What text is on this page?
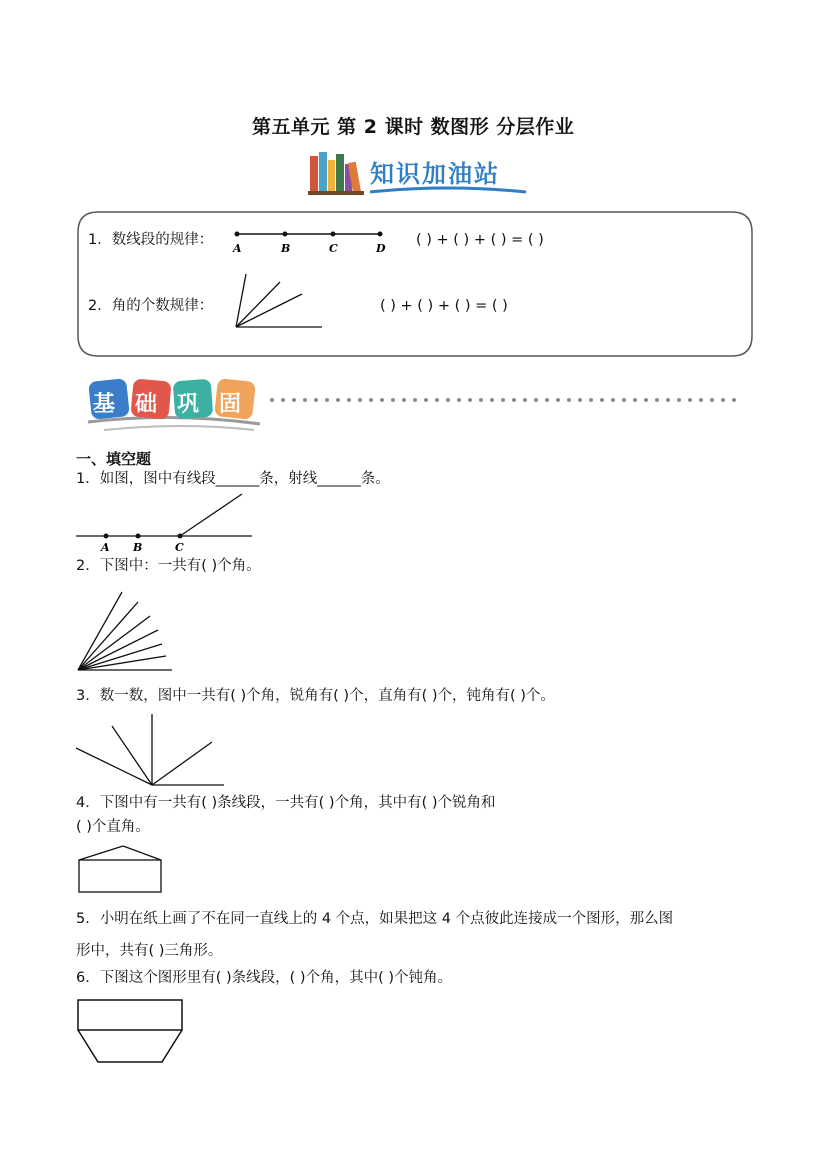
第五单元 第 2 课时 数图形 分层作业
知识加油站
1．数线段的规律：
A	B	C	D
( ) + ( ) + ( ) = ( )
2．角的个数规律：	( ) + ( ) + ( ) = ( )
基 础 巩 固
一、填空题
1．如图，图中有线段______条，射线______条。
A B	C
2．下图中：一共有( )个角。
3．数一数，图中一共有( )个角，锐角有( )个，直角有( )个，钝角有( )个。
4．下图中有一共有( )条线段，一共有( )个角，其中有( )个锐角和
( )个直角。
5．小明在纸上画了不在同一直线上的 4 个点，如果把这 4 个点彼此连接成一个图形，那么图
形中，共有( )三角形。
6．下图这个图形里有( )条线段，( )个角，其中( )个钝角。
